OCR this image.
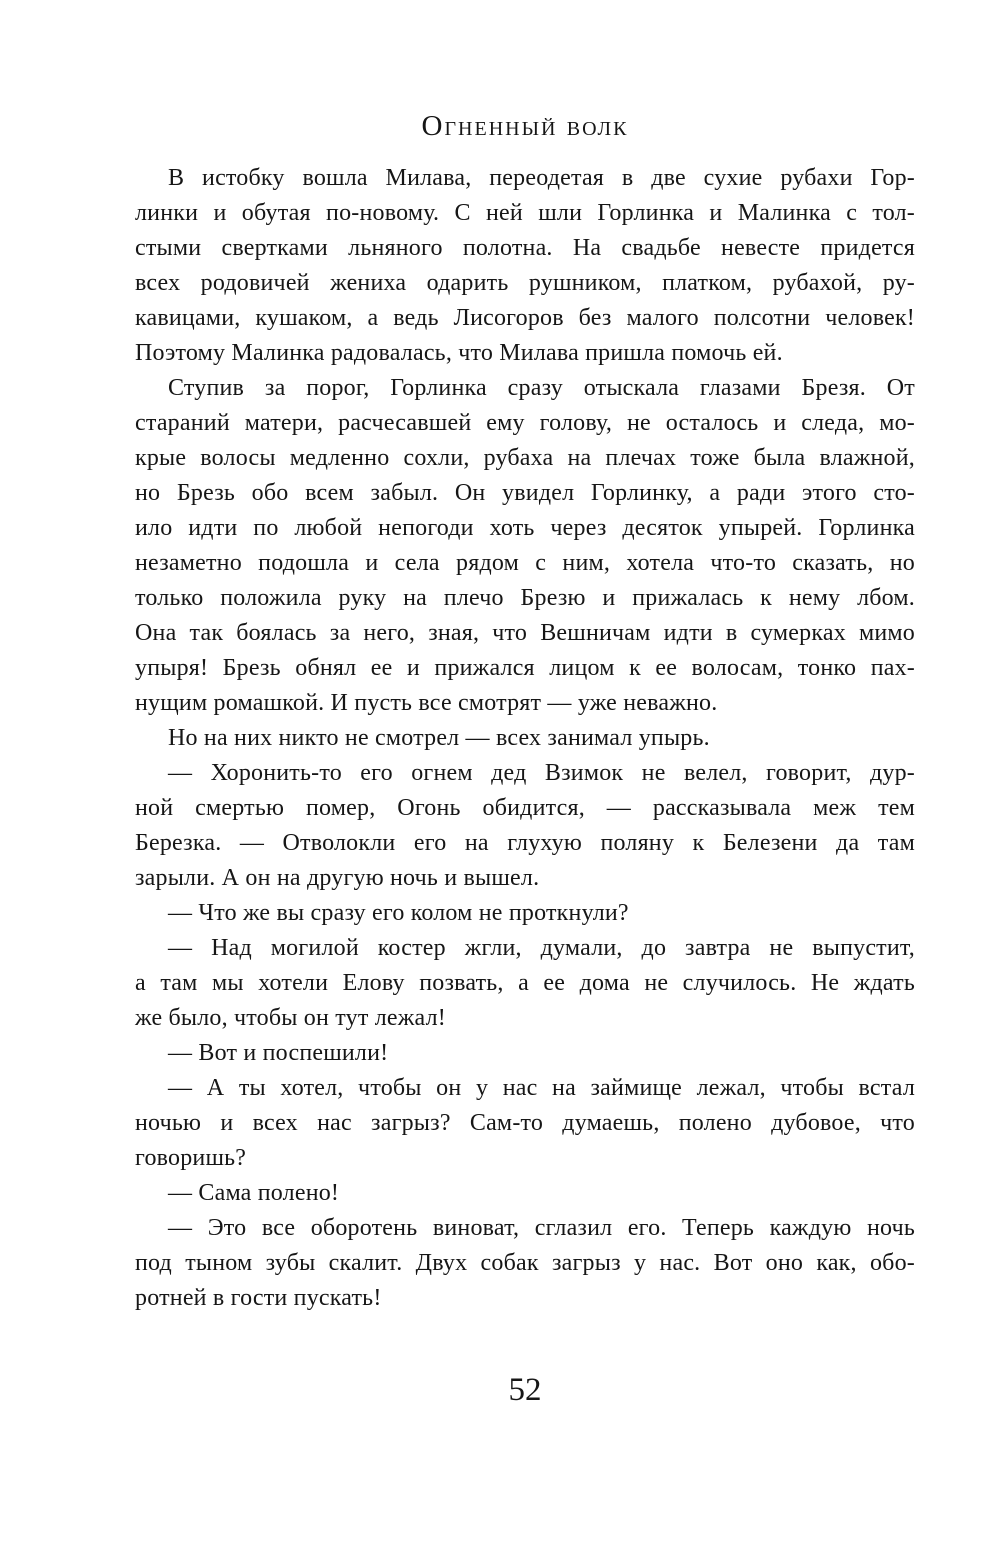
Огненный волк
В истобку вошла Милава, переодетая в две сухие рубахи Гор-
линки и обутая по-новому. С ней шли Горлинка и Малинка с тол-
стыми свертками льняного полотна. На свадьбе невесте придется
всех родовичей жениха одарить рушником, платком, рубахой, ру-
кавицами, кушаком, а ведь Лисогоров без малого полсотни человек!
Поэтому Малинка радовалась, что Милава пришла помочь ей.
Ступив за порог, Горлинка сразу отыскала глазами Брезя. От
стараний матери, расчесавшей ему голову, не осталось и следа, мо-
крые волосы медленно сохли, рубаха на плечах тоже была влажной,
но Брезь обо всем забыл. Он увидел Горлинку, а ради этого сто-
ило идти по любой непогоди хоть через десяток упырей. Горлинка
незаметно подошла и села рядом с ним, хотела что-то сказать, но
только положила руку на плечо Брезю и прижалась к нему лбом.
Она так боялась за него, зная, что Вешничам идти в сумерках мимо
упыря! Брезь обнял ее и прижался лицом к ее волосам, тонко пах-
нущим ромашкой. И пусть все смотрят — уже неважно.
Но на них никто не смотрел — всех занимал упырь.
— Хоронить-то его огнем дед Взимок не велел, говорит, дур-
ной смертью помер, Огонь обидится, — рассказывала меж тем
Березка. — Отволокли его на глухую поляну к Белезени да там
зарыли. А он на другую ночь и вышел.
— Что же вы сразу его колом не проткнули?
— Над могилой костер жгли, думали, до завтра не выпустит,
а там мы хотели Елову позвать, а ее дома не случилось. Не ждать
же было, чтобы он тут лежал!
— Вот и поспешили!
— А ты хотел, чтобы он у нас на займище лежал, чтобы встал
ночью и всех нас загрыз? Сам-то думаешь, полено дубовое, что
говоришь?
— Сама полено!
— Это все оборотень виноват, сглазил его. Теперь каждую ночь
под тыном зубы скалит. Двух собак загрыз у нас. Вот оно как, обо-
ротней в гости пускать!
52
